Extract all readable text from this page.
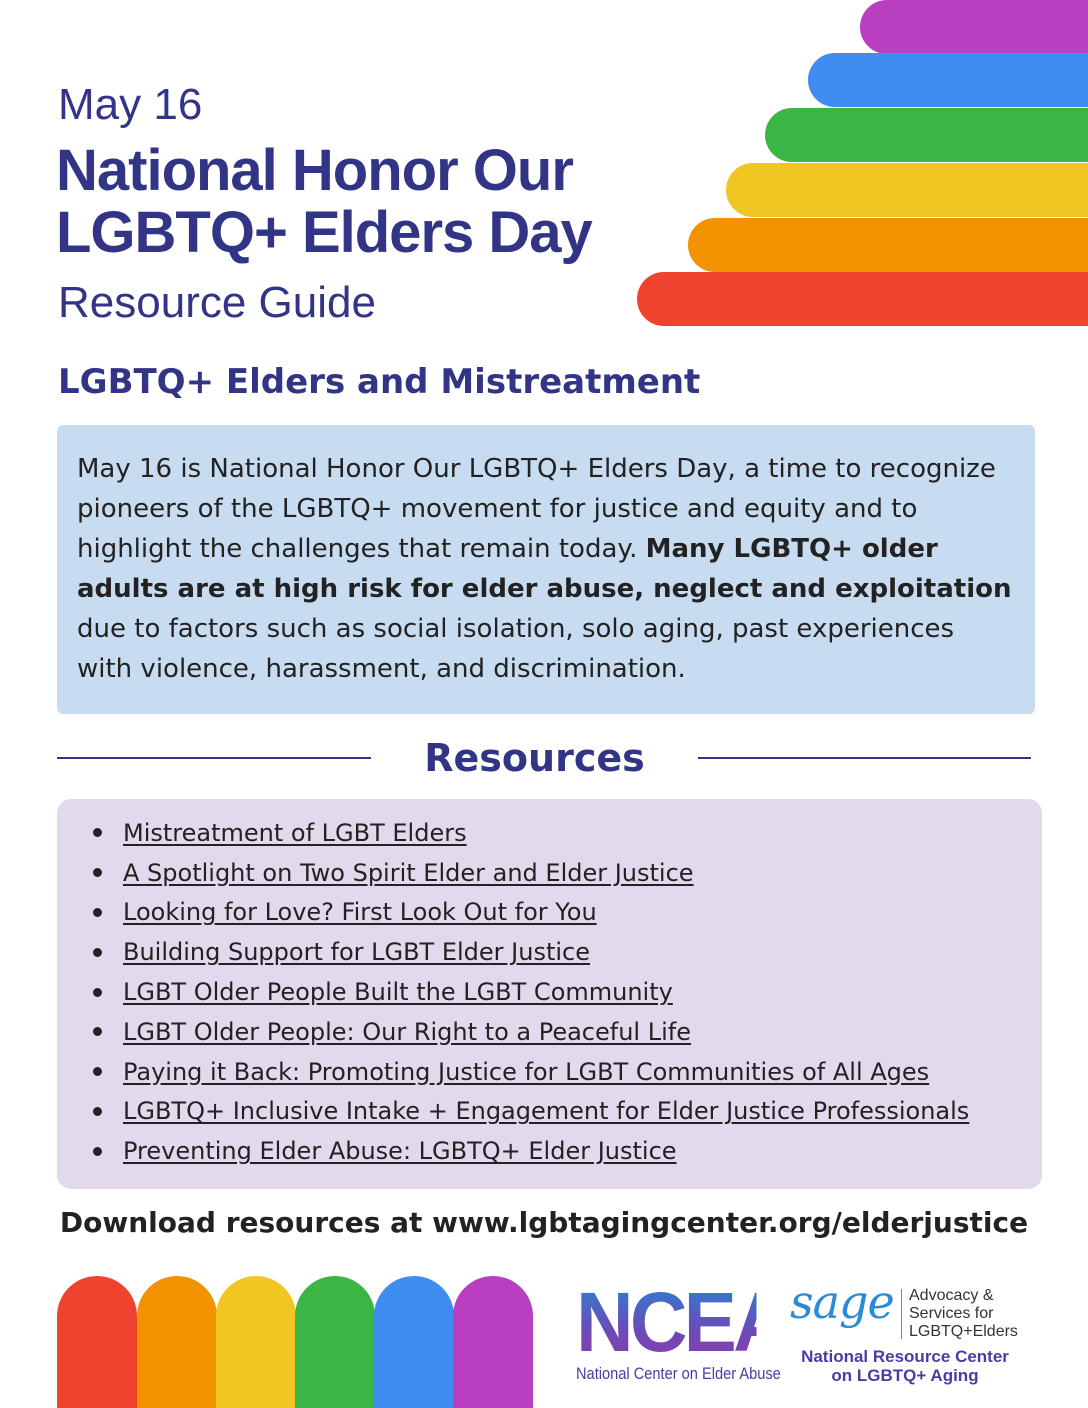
May 16
National Honor Our LGBTQ+ Elders Day
Resource Guide
LGBTQ+ Elders and Mistreatment

May 16 is National Honor Our LGBTQ+ Elders Day, a time to recognize pioneers of the LGBTQ+ movement for justice and equity and to highlight the challenges that remain today. Many LGBTQ+ older adults are at high risk for elder abuse, neglect and exploitation due to factors such as social isolation, solo aging, past experiences with violence, harassment, and discrimination.

Resources
Mistreatment of LGBT Elders
A Spotlight on Two Spirit Elder and Elder Justice
Looking for Love? First Look Out for You
Building Support for LGBT Elder Justice
LGBT Older People Built the LGBT Community
LGBT Older People: Our Right to a Peaceful Life
Paying it Back: Promoting Justice for LGBT Communities of All Ages
LGBTQ+ Inclusive Intake + Engagement for Elder Justice Professionals
Preventing Elder Abuse: LGBTQ+ Elder Justice
Download resources at www.lgbtagingcenter.org/elderjustice
NCEA
National Center on Elder Abuse
sage Advocacy &
Services for
LGBTQ+Elders
National Resource Center
on LGBTQ+ Aging
